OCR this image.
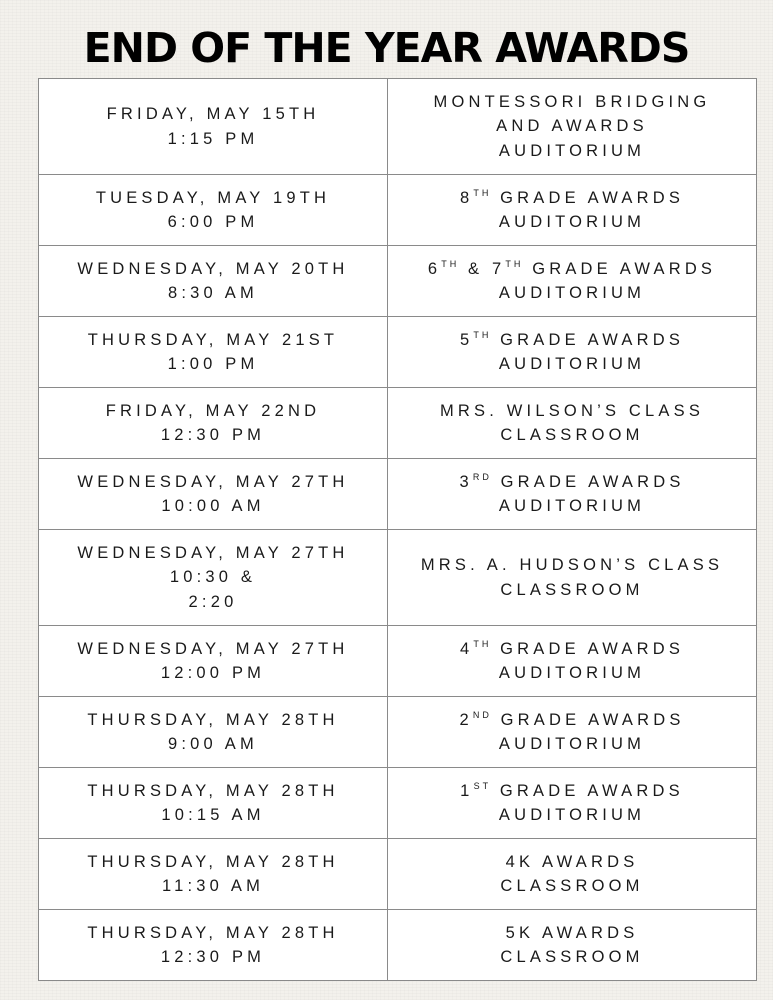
END OF THE YEAR AWARDS
FRIDAY, MAY 15TH
1:15 PM	MONTESSORI BRIDGING
AND AWARDS
AUDITORIUM

TUESDAY, MAY 19TH
6:00 PM	8TH GRADE AWARDS
AUDITORIUM

WEDNESDAY, MAY 20TH
8:30 AM	6TH & 7TH GRADE AWARDS
AUDITORIUM

THURSDAY, MAY 21ST
1:00 PM	5TH GRADE AWARDS
AUDITORIUM

FRIDAY, MAY 22ND
12:30 PM	MRS. WILSON’S CLASS
CLASSROOM

WEDNESDAY, MAY 27TH
10:00 AM	3RD GRADE AWARDS
AUDITORIUM

WEDNESDAY, MAY 27TH
10:30 &
2:20	MRS. A. HUDSON’S CLASS
CLASSROOM

WEDNESDAY, MAY 27TH
12:00 PM	4TH GRADE AWARDS
AUDITORIUM

THURSDAY, MAY 28TH
9:00 AM	2ND GRADE AWARDS
AUDITORIUM

THURSDAY, MAY 28TH
10:15 AM	1ST GRADE AWARDS
AUDITORIUM

THURSDAY, MAY 28TH
11:30 AM	4K AWARDS
CLASSROOM

THURSDAY, MAY 28TH
12:30 PM	5K AWARDS
CLASSROOM
